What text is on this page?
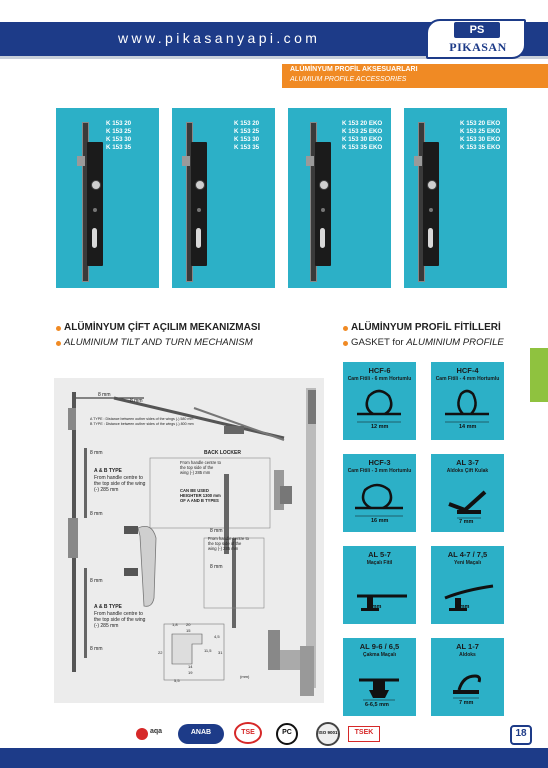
www.pikasanyapi.com	PS
PIKASAN
ALÜMİNYUM PROFİL AKSESUARLARI
ALUMIUM PROFILE ACCESSORIES
K 153 20
K 153 25
K 153 30
K 153 35
K 153 20
K 153 25
K 153 30
K 153 35
K 153 20 EKO
K 153 25 EKO
K 153 30 EKO
K 153 35 EKO
K 153 20 EKO
K 153 25 EKO
K 153 30 EKO
K 153 35 EKO
ALÜMİNYUM ÇİFT AÇILIM MEKANIZMASI
ALUMINIUM TILT AND TURN MECHANISM
ALÜMİNYUM PROFİL FİTİLLERİ
GASKET for ALUMINIUM PROFILE
8 mm
8 mm
A TYPE : Distance between outher sides of the wings (-) 580 mm
B TYPE : Distance between outher sides of the wings (-) 800 mm
BACK LOCKER
From handle centre to the top side of the wing (-) 285 mm
CAN BE USED HEIGHTER 1300 mm OF A AND B TYPES
8 mm
A & B TYPE
From handle centre to the top side of the wing (-) 285 mm
8 mm
8 mm
From handle centre to the top side of the wing (-) 285 mm
8 mm
8 mm
A & B TYPE
From handle centre to the top side of the wing (-) 285 mm
8 mm
1,8 20
15
4,5
11,5
22	31
14
19
5,5
(mm)
HCF-6
Cam Fitili - 6 mm Hortumlu
12 mm
HCF-4
Cam Fitili - 4 mm Hortumlu
14 mm
HCF-3
Cam Fitili - 3 mm Hortumlu
16 mm
AL 3-7
Aldoks Çift Kulak
7 mm
AL 5-7
Maçalı Fitil
7 mm
AL 4-7 / 7,5
Yeni Maçalı
7 mm
AL 9-6 / 6,5
Çakma Maçalı
6-6,5 mm
AL 1-7
Aldoks
7 mm
aqa	ANAB	TSE	PC	ISO 9001	TSEK	18
